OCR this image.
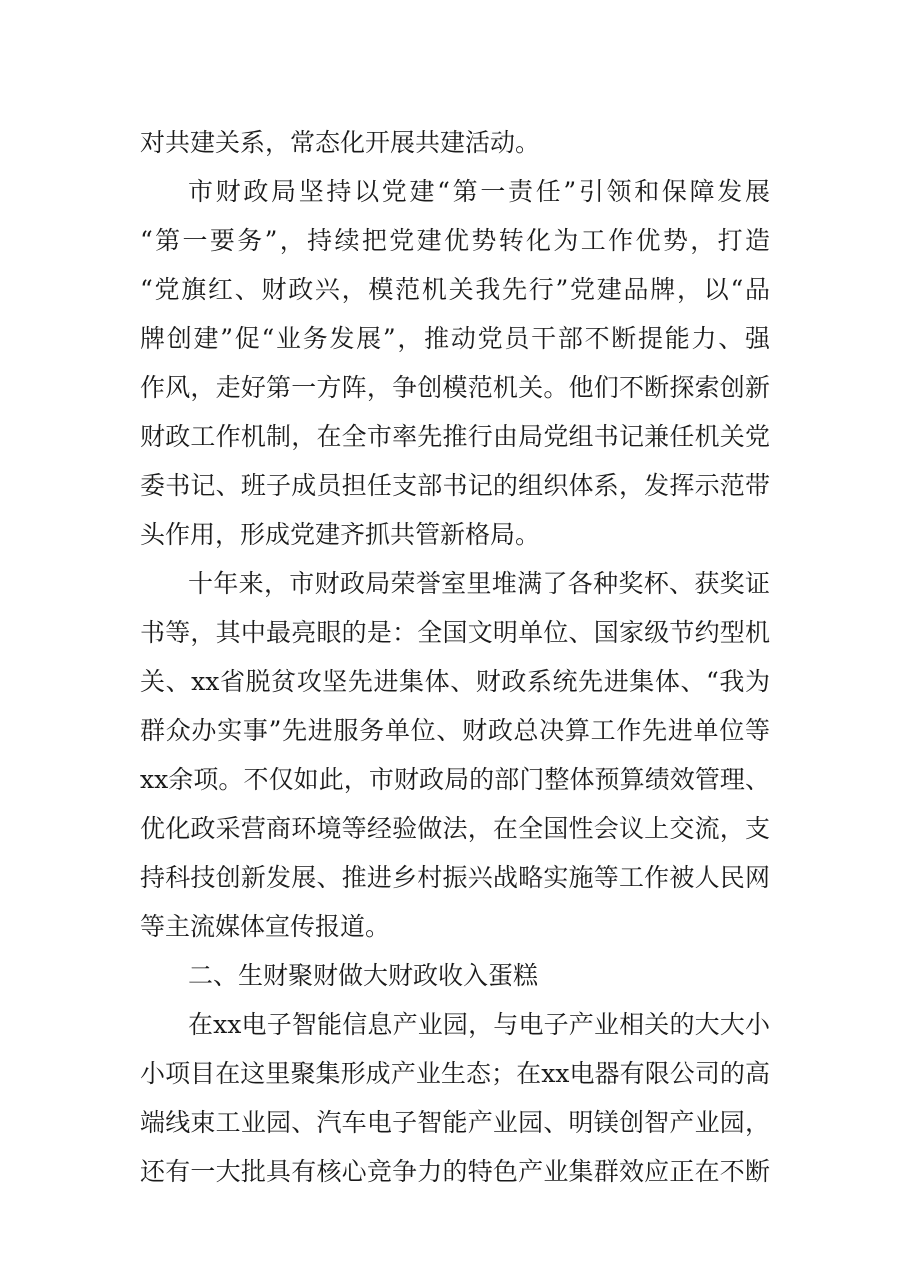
对共建关系，常态化开展共建活动。
市财政局坚持以党建“第一责任”引领和保障发展
“第一要务”，持续把党建优势转化为工作优势，打造
“党旗红、财政兴，模范机关我先行”党建品牌，以“品
牌创建”促“业务发展”，推动党员干部不断提能力、强
作风，走好第一方阵，争创模范机关。他们不断探索创新
财政工作机制，在全市率先推行由局党组书记兼任机关党
委书记、班子成员担任支部书记的组织体系，发挥示范带
头作用，形成党建齐抓共管新格局。
十年来，市财政局荣誉室里堆满了各种奖杯、获奖证
书等，其中最亮眼的是：全国文明单位、国家级节约型机
关、xx省脱贫攻坚先进集体、财政系统先进集体、“我为
群众办实事”先进服务单位、财政总决算工作先进单位等
xx余项。不仅如此，市财政局的部门整体预算绩效管理、
优化政采营商环境等经验做法，在全国性会议上交流，支
持科技创新发展、推进乡村振兴战略实施等工作被人民网
等主流媒体宣传报道。
二、生财聚财做大财政收入蛋糕
在xx电子智能信息产业园，与电子产业相关的大大小
小项目在这里聚集形成产业生态；在xx电器有限公司的高
端线束工业园、汽车电子智能产业园、明镁创智产业园，
还有一大批具有核心竞争力的特色产业集群效应正在不断
